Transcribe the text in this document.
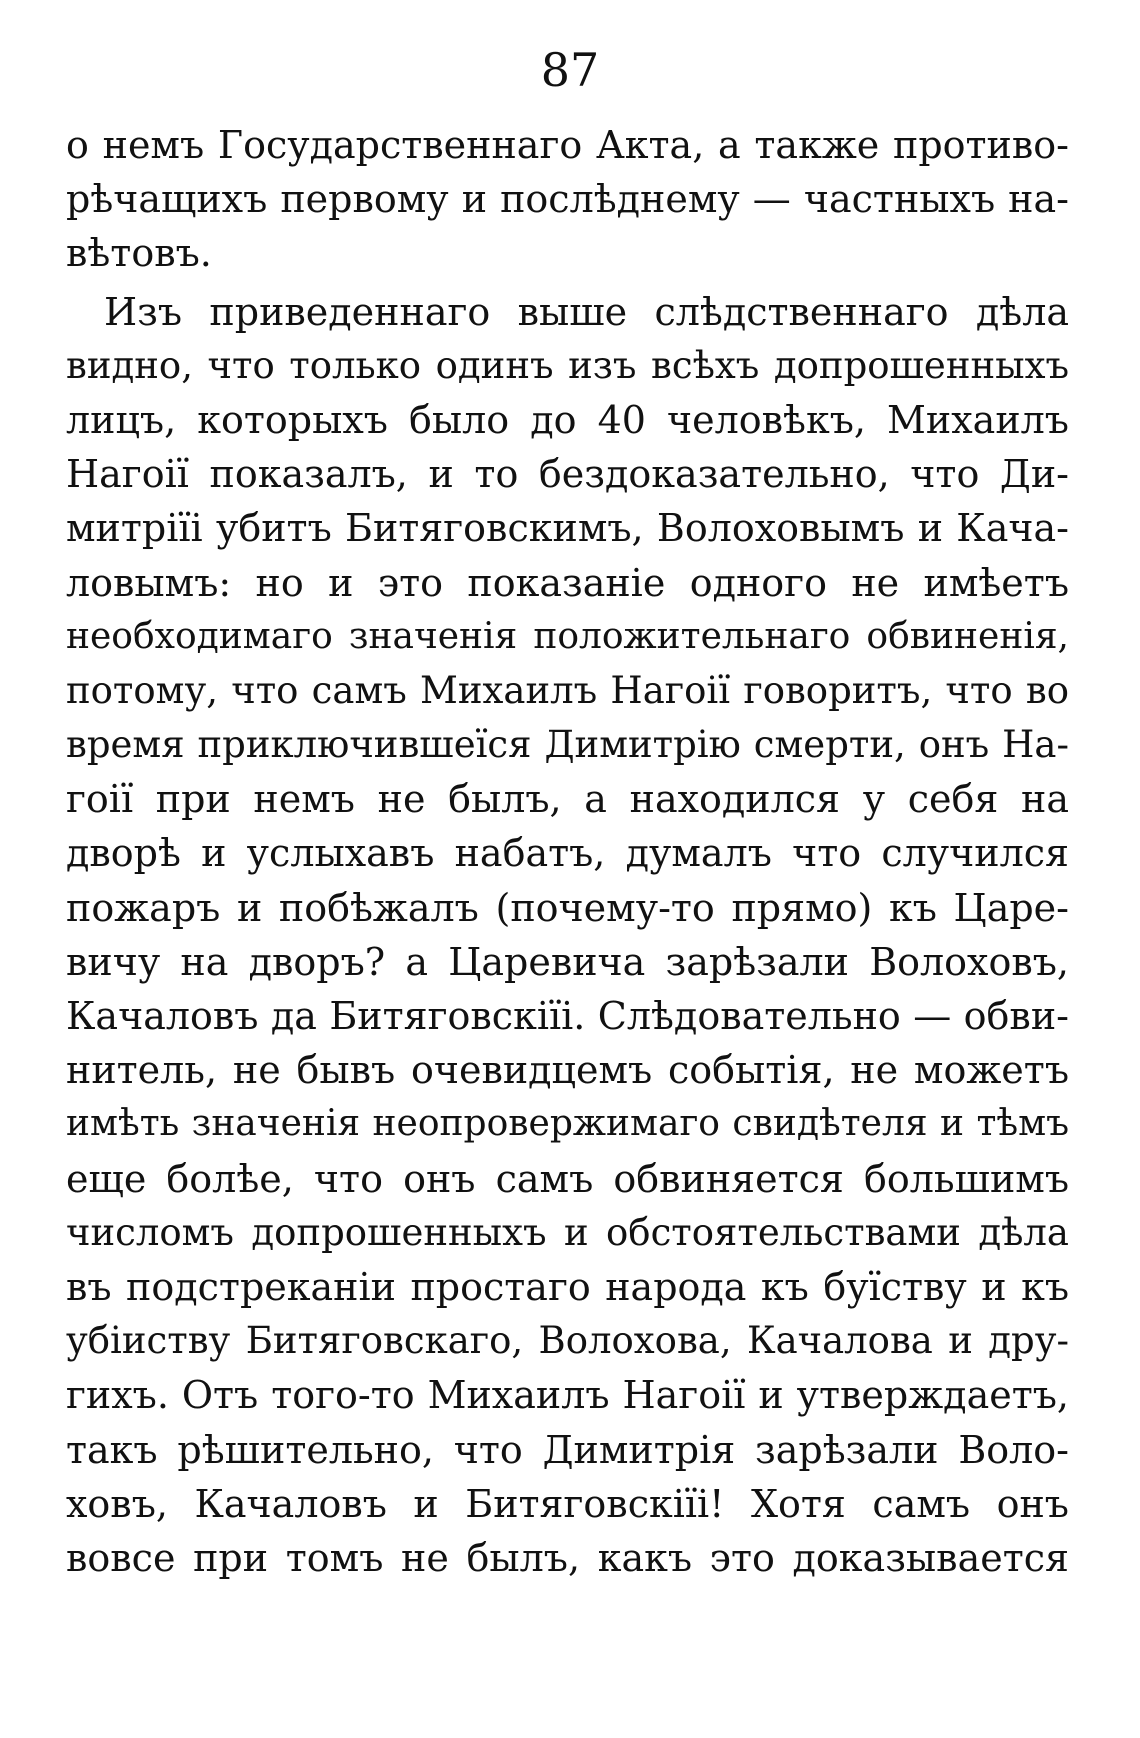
87
о немъ Государственнаго Акта, а также противо-
рѣчащихъ первому и послѣднему — частныхъ на-
вѣтовъ.
Изъ приведеннаго выше слѣдственнаго дѣла
видно, что только одинъ изъ всѣхъ допрошенныхъ
лицъ, которыхъ было до 40 человѣкъ, Михаилъ
Нагоії показалъ, и то бездоказательно, что Ди-
митріїі убитъ Битяговскимъ, Волоховымъ и Кача-
ловымъ: но и это показаніе одного не имѣетъ
необходимаго значенія положительнаго обвиненія,
потому, что самъ Михаилъ Нагоії говоритъ, что во
время приключившеїся Димитрію смерти, онъ На-
гоії при немъ не былъ, а находился у себя на
дворѣ и услыхавъ набатъ, думалъ что случился
пожаръ и побѣжалъ (почему-то прямо) къ Царе-
вичу на дворъ? а Царевича зарѣзали Волоховъ,
Качаловъ да Битяговскіїі. Слѣдовательно — обви-
нитель, не бывъ очевидцемъ событія, не можетъ
имѣть значенія неопровержимаго свидѣтеля и тѣмъ
еще болѣе, что онъ самъ обвиняется большимъ
числомъ допрошенныхъ и обстоятельствами дѣла
въ подстреканіи простаго народа къ буїству и къ
убіиству Битяговскаго, Волохова, Качалова и дру-
гихъ. Отъ того-то Михаилъ Нагоії и утверждаетъ,
такъ рѣшительно, что Димитрія зарѣзали Воло-
ховъ, Качаловъ и Битяговскіїі! Хотя самъ онъ
вовсе при томъ не былъ, какъ это доказывается
